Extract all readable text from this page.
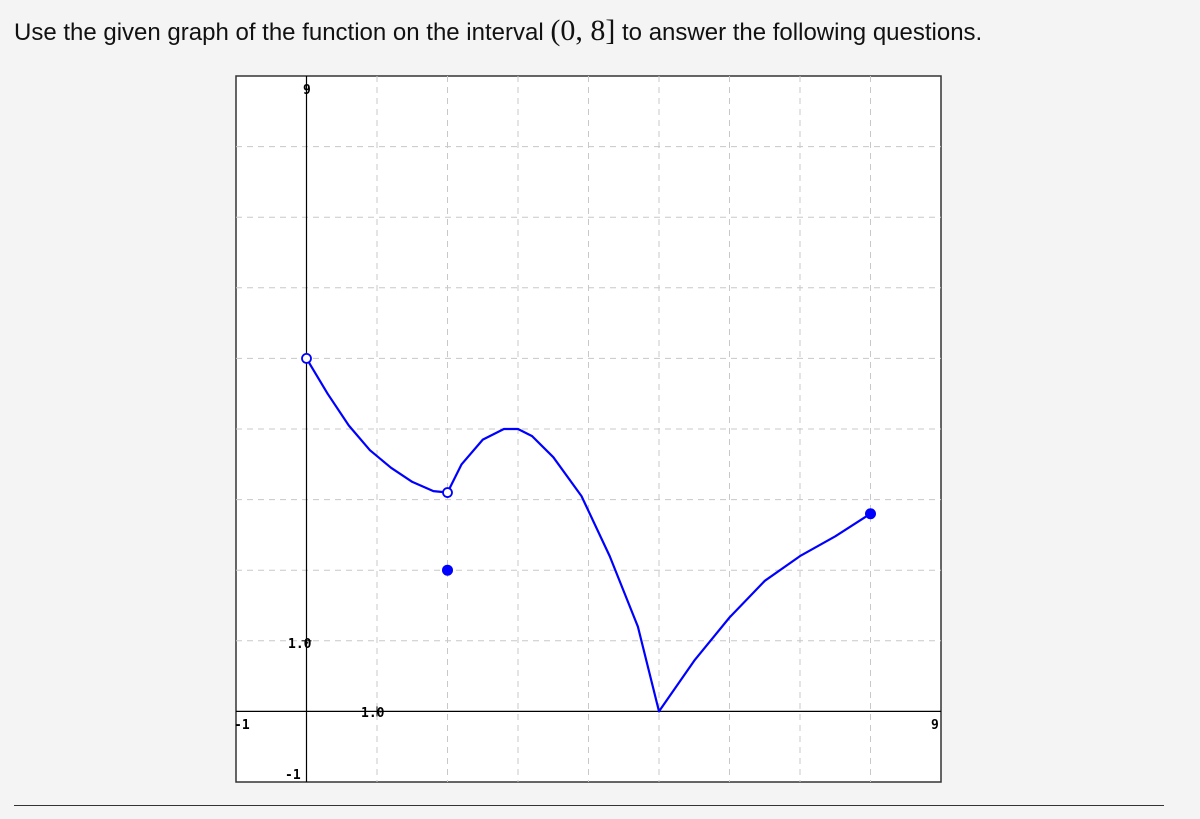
Use the given graph of the function on the interval (0, 8] to answer the following questions.
-1	9
9
-1
1.0
1.0
